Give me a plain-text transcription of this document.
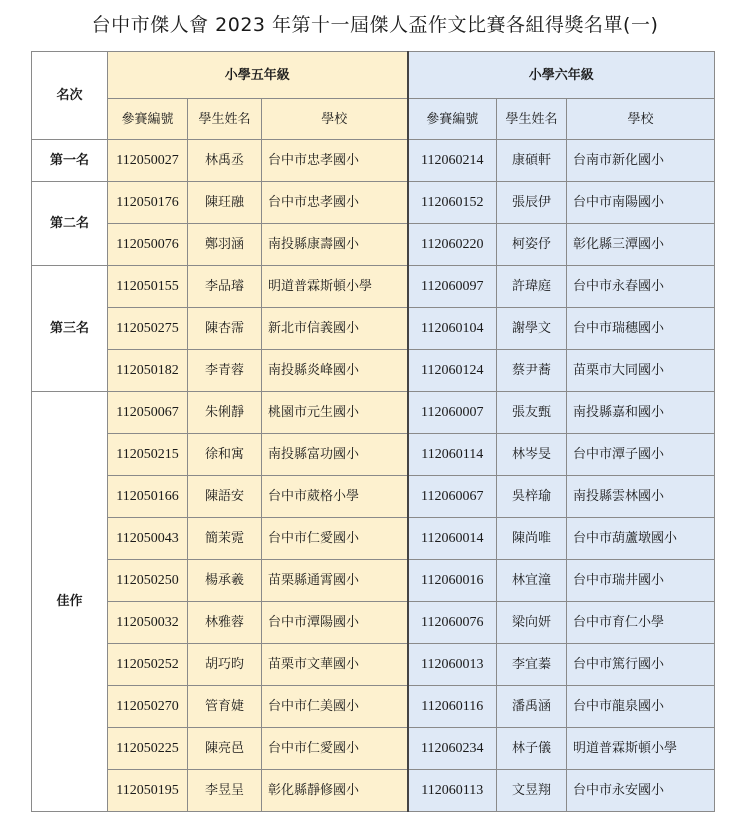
台中市傑人會 2023 年第十一屆傑人盃作文比賽各組得獎名單(一)
名次	小學五年級			小學六年級		
	參賽編號	學生姓名	學校	參賽編號	學生姓名	學校
第一名	112050027	林禹丞	台中市忠孝國小	112060214	康碩軒	台南市新化國小
第二名	112050176	陳玨融	台中市忠孝國小	112060152	張辰伊	台中市南陽國小
	112050076	鄭羽涵	南投縣康壽國小	112060220	柯姿伃	彰化縣三潭國小
第三名	112050155	李品璿	明道普霖斯頓小學	112060097	許瑋庭	台中市永春國小
	112050275	陳杏霈	新北市信義國小	112060104	謝學文	台中市瑞穗國小
	112050182	李青蓉	南投縣炎峰國小	112060124	蔡尹蕎	苗栗市大同國小
佳作	112050067	朱俐靜	桃園市元生國小	112060007	張友甄	南投縣嘉和國小
	112050215	徐和寓	南投縣富功國小	112060114	林岑旻	台中市潭子國小
	112050166	陳語安	台中市葳格小學	112060067	吳梓瑜	南投縣雲林國小
	112050043	簡茉霓	台中市仁愛國小	112060014	陳尚唯	台中市葫蘆墩國小
	112050250	楊承羲	苗栗縣通霄國小	112060016	林宜潼	台中市瑞井國小
	112050032	林雅蓉	台中市潭陽國小	112060076	梁向妍	台中市育仁小學
	112050252	胡巧昀	苗栗市文華國小	112060013	李宜蓁	台中市篤行國小
	112050270	管育婕	台中市仁美國小	112060116	潘禹涵	台中市龍泉國小
	112050225	陳亮邑	台中市仁愛國小	112060234	林子儀	明道普霖斯頓小學
	112050195	李昱呈	彰化縣靜修國小	112060113	文昱翔	台中市永安國小
